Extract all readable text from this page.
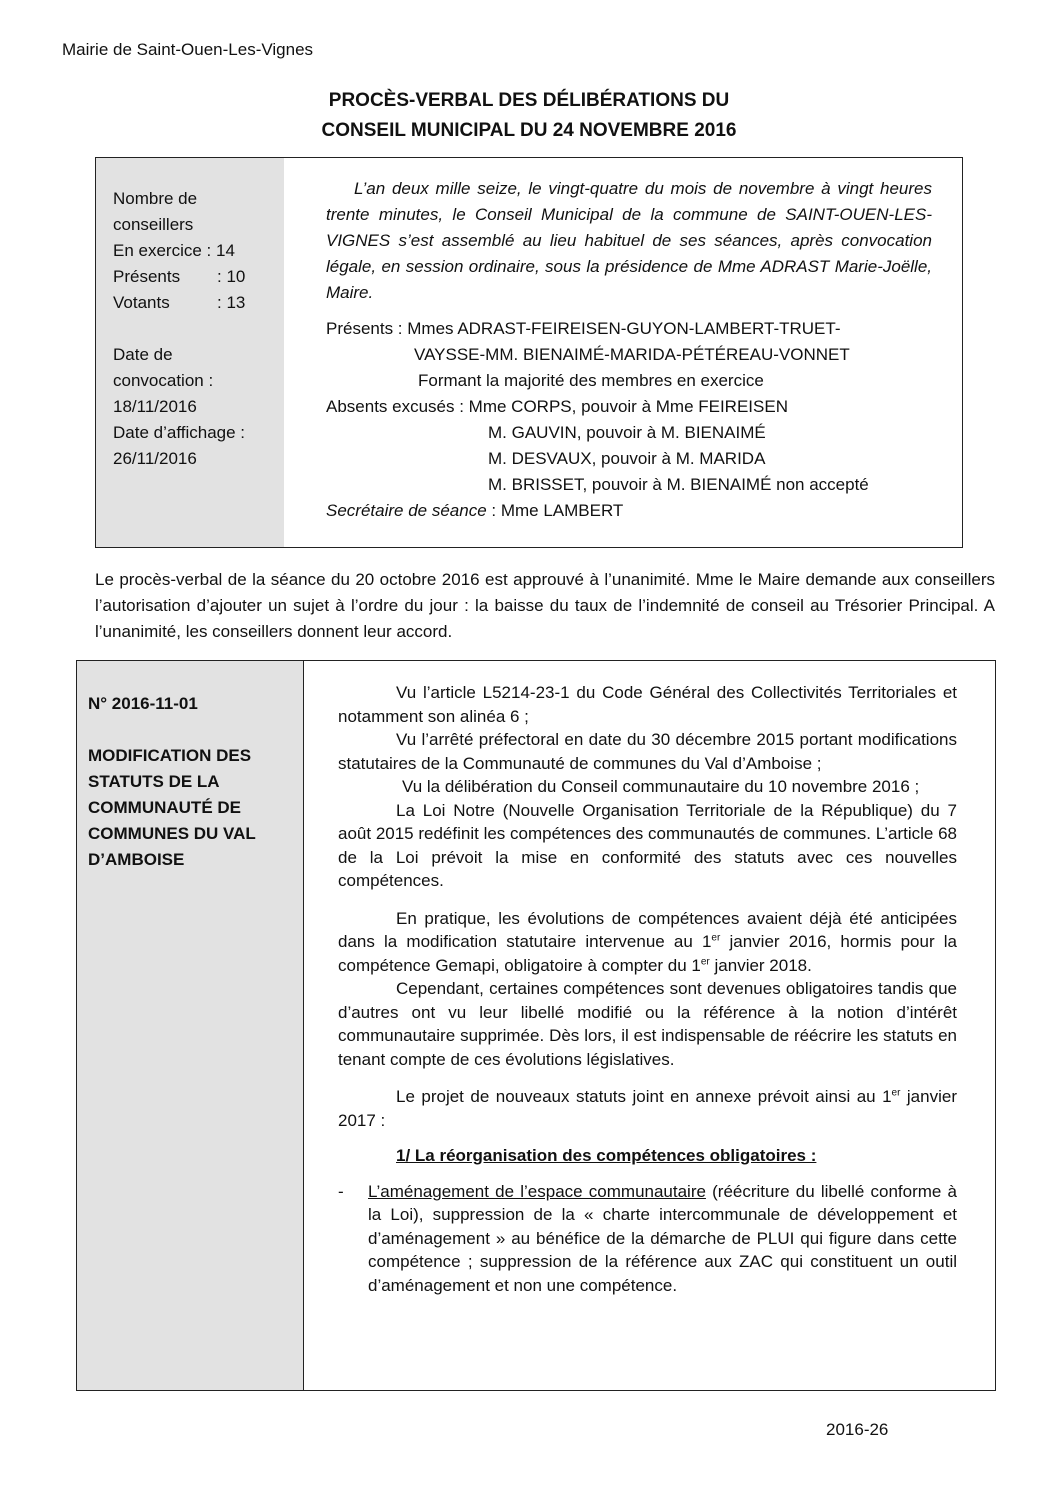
Mairie de Saint-Ouen-Les-Vignes
PROCÈS-VERBAL DES DÉLIBÉRATIONS DU
CONSEIL MUNICIPAL DU 24 NOVEMBRE 2016
Nombre de
conseillers
En exercice :
14
Présents	: 10
Votants	: 13
Date de
convocation :
18/11/2016
Date d’affichage :
26/11/2016

L’an deux mille seize, le vingt-quatre du mois de novembre à vingt heures trente minutes, le Conseil Municipal de la commune de SAINT-OUEN-LES-VIGNES s’est assemblé au lieu habituel de ses séances, après convocation légale, en session ordinaire, sous la présidence de Mme ADRAST Marie-Joëlle, Maire.

Présents : Mmes ADRAST-FEIREISEN-GUYON-LAMBERT-TRUET-
VAYSSE-MM. BIENAIMÉ-MARIDA-PÉTÉREAU-VONNET
Formant la majorité des membres en exercice
Absents excusés : Mme CORPS, pouvoir à Mme FEIREISEN
M. GAUVIN, pouvoir à M. BIENAIMÉ
M. DESVAUX, pouvoir à M. MARIDA
M. BRISSET, pouvoir à M. BIENAIMÉ non accepté
Secrétaire de séance : Mme LAMBERT
Le procès-verbal de la séance du 20 octobre 2016 est approuvé à l’unanimité. Mme le Maire demande aux conseillers l’autorisation d’ajouter un sujet à l’ordre du jour : la baisse du taux de l’indemnité de conseil au Trésorier Principal. A l’unanimité, les conseillers donnent leur accord.
N° 2016-11-01
MODIFICATION DES
STATUTS DE LA
COMMUNAUTÉ DE
COMMUNES DU VAL
D’AMBOISE

Vu l’article L5214-23-1 du Code Général des Collectivités Territoriales et notamment son alinéa 6 ;

Vu l’arrêté préfectoral en date du 30 décembre 2015 portant modifications statutaires de la Communauté de communes du Val d’Amboise ;

Vu la délibération du Conseil communautaire du 10 novembre 2016 ;

La Loi Notre (Nouvelle Organisation Territoriale de la République) du 7 août 2015 redéfinit les compétences des communautés de communes. L’article 68 de la Loi prévoit la mise en conformité des statuts avec ces nouvelles compétences.

En pratique, les évolutions de compétences avaient déjà été anticipées dans la modification statutaire intervenue au 1er janvier 2016, hormis pour la compétence Gemapi, obligatoire à compter du 1er janvier 2018.

Cependant, certaines compétences sont devenues obligatoires tandis que d’autres ont vu leur libellé modifié ou la référence à la notion d’intérêt communautaire supprimée. Dès lors, il est indispensable de réécrire les statuts en tenant compte de ces évolutions législatives.

Le projet de nouveaux statuts joint en annexe prévoit ainsi au 1er janvier 2017 :

1/ La réorganisation des compétences obligatoires :
-	L’aménagement de l’espace communautaire (réécriture du libellé conforme à la Loi), suppression de la « charte intercommunale de développement et d’aménagement » au bénéfice de la démarche de PLUI qui figure dans cette compétence ; suppression de la référence aux ZAC qui constituent un outil d’aménagement et non une compétence.
2016-26
